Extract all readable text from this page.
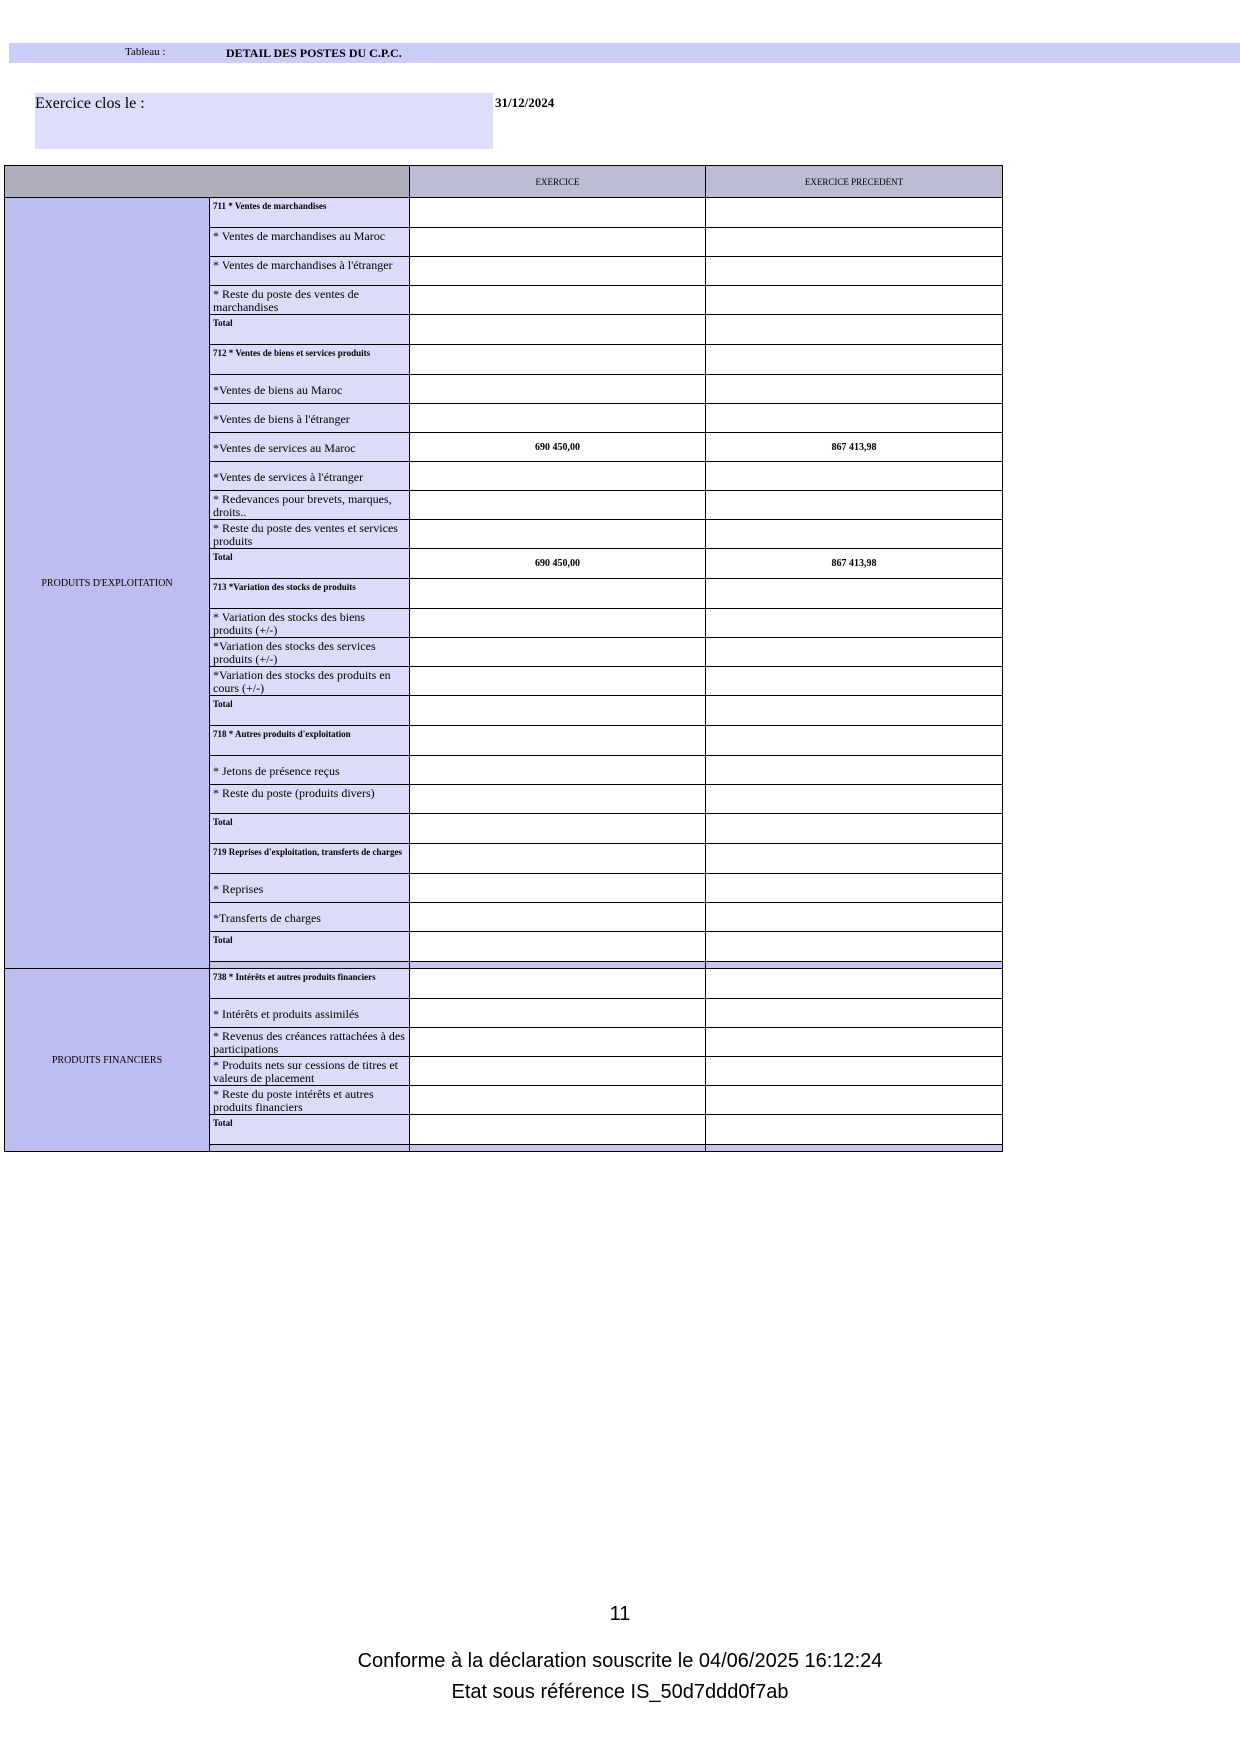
Tableau :	DETAIL DES POSTES DU C.P.C.
Exercice clos le :	31/12/2024
		EXERCICE	EXERCICE PRECEDENT
PRODUITS D'EXPLOITATION	711 * Ventes de marchandises		
	* Ventes de marchandises au Maroc		
	* Ventes de marchandises à l'étranger		
	* Reste du poste des ventes de marchandises		
	Total		
	712 * Ventes de biens et services produits		
	*Ventes de biens au Maroc		
	*Ventes de biens à l'étranger		
	*Ventes de services au Maroc	690 450,00	867 413,98
	*Ventes de services à l'étranger		
	* Redevances pour brevets, marques, droits..		
	* Reste du poste des ventes et services produits		
	Total	690 450,00	867 413,98
	713 *Variation des stocks de produits		
	* Variation des stocks des biens produits (+/-)		
	*Variation des stocks des services produits (+/-)		
	*Variation des stocks des produits en cours (+/-)		
	Total		
	718 * Autres produits d'exploitation		
	* Jetons de présence reçus		
	* Reste du poste (produits divers)		
	Total		
	719 Reprises d'exploitation, transferts de charges		
	* Reprises		
	*Transferts de charges		
	Total		

PRODUITS FINANCIERS	738 * Intérêts et autres produits financiers		
	* Intérêts et produits assimilés		
	* Revenus des créances rattachées à des participations		
	* Produits nets sur cessions de titres et valeurs de placement		
	* Reste du poste intérêts et autres produits financiers		
	Total		

11
Conforme à la déclaration souscrite le 04/06/2025 16:12:24
Etat sous référence IS_50d7ddd0f7ab
